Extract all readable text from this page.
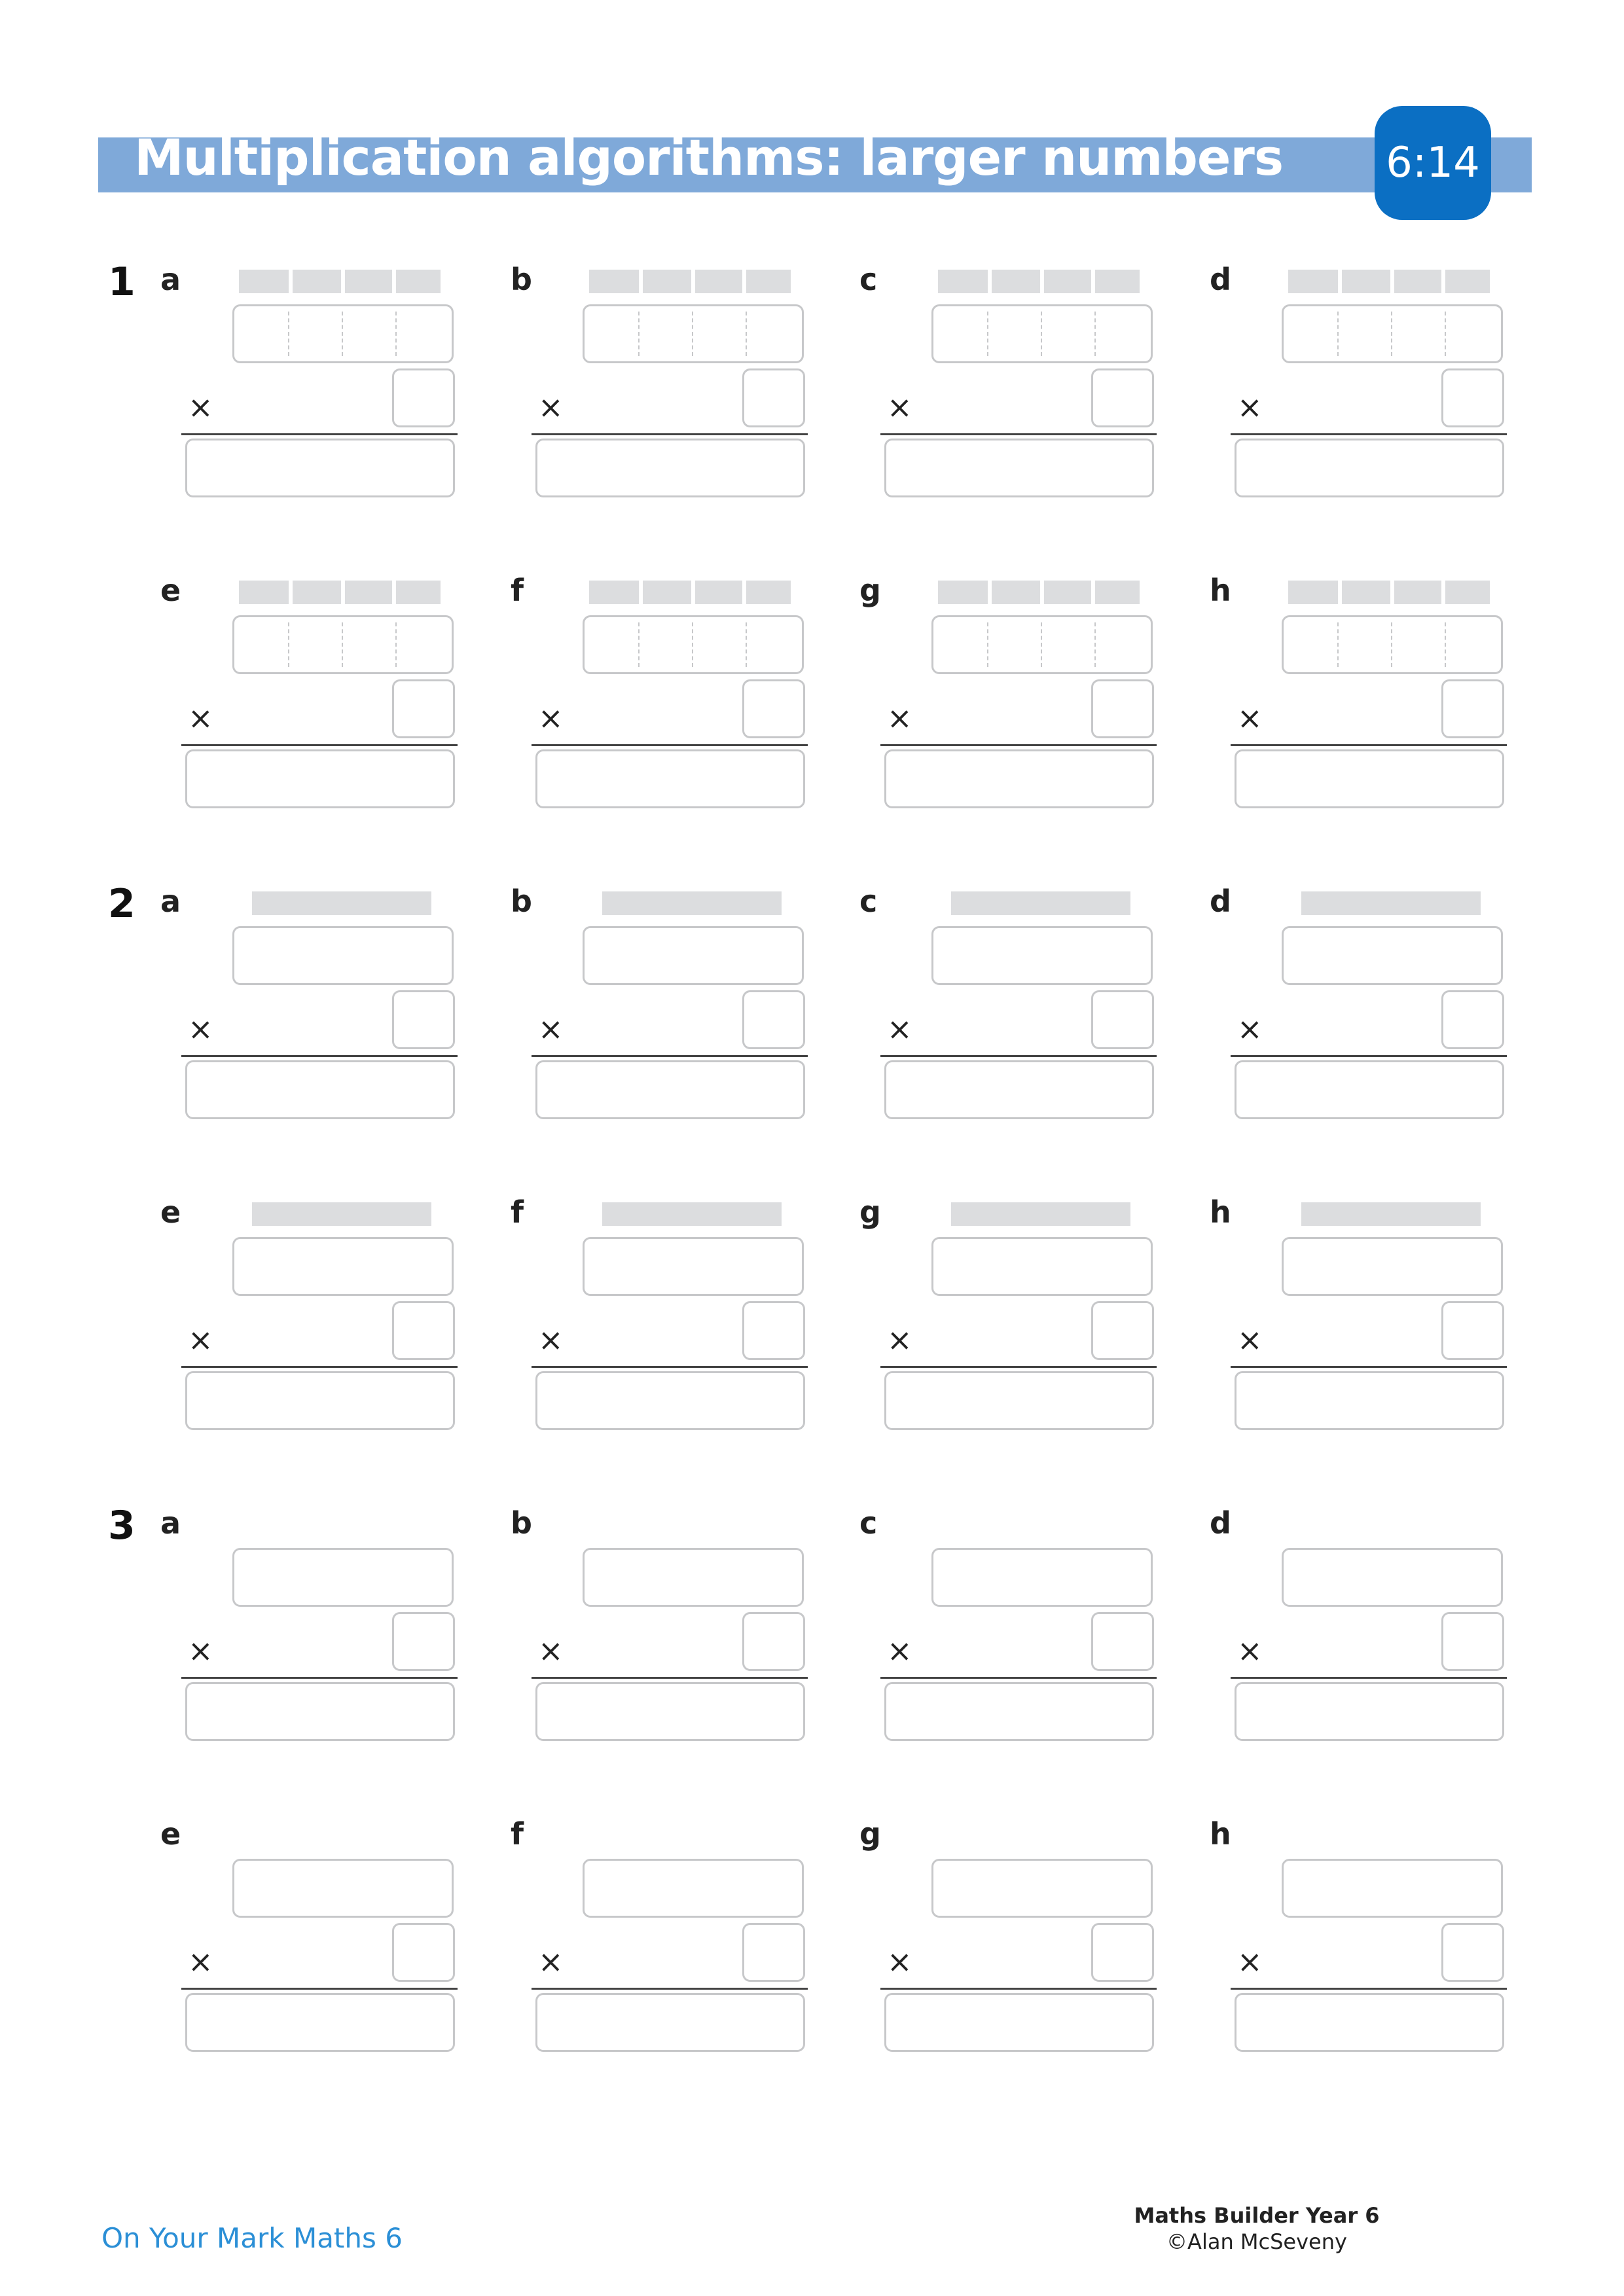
Multiplication algorithms: larger numbers 6:14
1 a
×
b
×
c
×
d
×
e
×
f
×
g
×
h
×
2 a
×
b
×
c
×
d
×
e
×
f
×
g
×
h
×
3 a
×
b
×
c
×
d
×
e
×
f
×
g
×
h
×
On Your Mark Maths 6
Maths Builder Year 6
©Alan McSeveny
